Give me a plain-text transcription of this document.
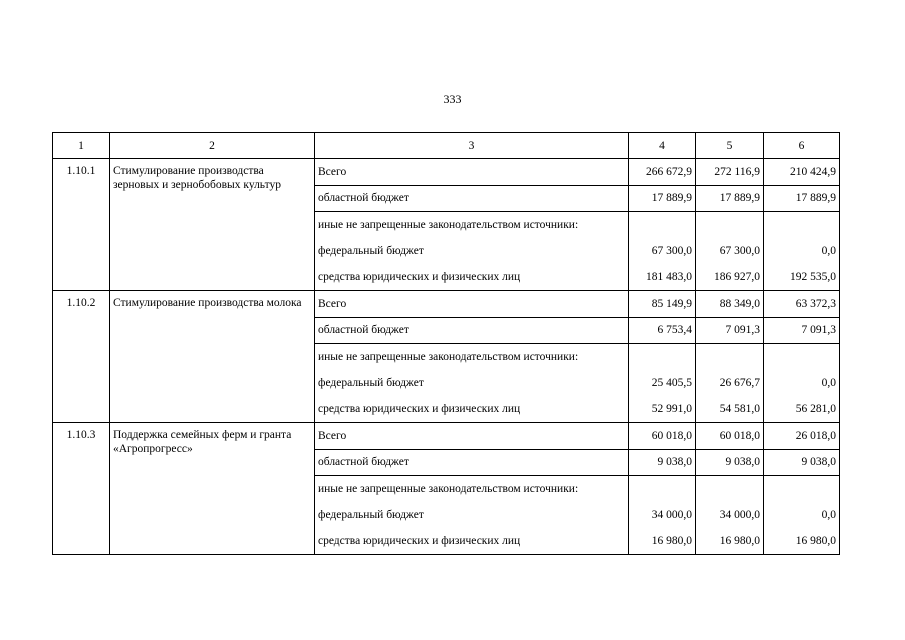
333
1	2	3	4	5	6
1.10.1	Стимулирование производства зерновых и зернобобовых культур	Всего	266 672,9	272 116,9	210 424,9
		областной бюджет	17 889,9	17 889,9	17 889,9
		иные не запрещенные законодательством источники:			
		федеральный бюджет	67 300,0	67 300,0	0,0
		средства юридических и физических лиц	181 483,0	186 927,0	192 535,0
1.10.2	Стимулирование производства молока	Всего	85 149,9	88 349,0	63 372,3
		областной бюджет	6 753,4	7 091,3	7 091,3
		иные не запрещенные законодательством источники:			
		федеральный бюджет	25 405,5	26 676,7	0,0
		средства юридических и физических лиц	52 991,0	54 581,0	56 281,0
1.10.3	Поддержка семейных ферм и гранта «Агропрогресс»	Всего	60 018,0	60 018,0	26 018,0
		областной бюджет	9 038,0	9 038,0	9 038,0
		иные не запрещенные законодательством источники:			
		федеральный бюджет	34 000,0	34 000,0	0,0
		средства юридических и физических лиц	16 980,0	16 980,0	16 980,0
